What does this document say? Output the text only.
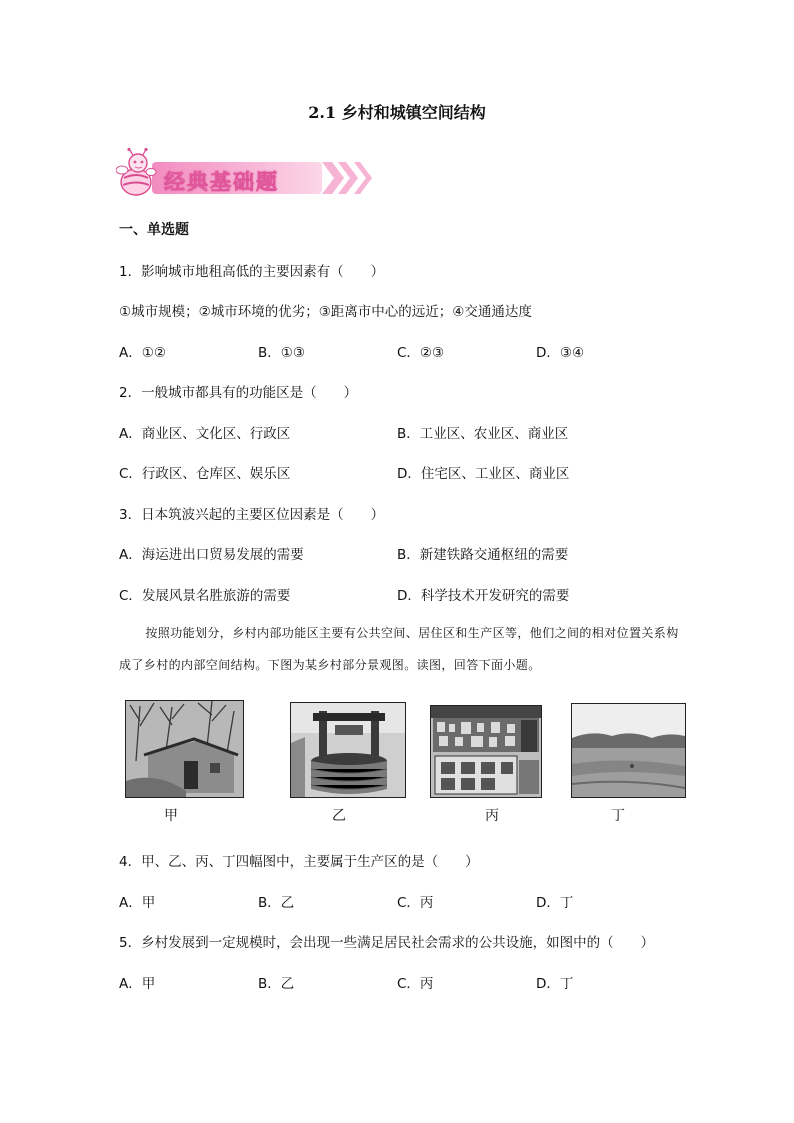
2.1 乡村和城镇空间结构
经典基础题
一、单选题
1．影响城市地租高低的主要因素有（　　）
①城市规模；②城市环境的优劣；③距离市中心的远近；④交通通达度
A．①②	B．①③	C．②③	D．③④
2．一般城市都具有的功能区是（　　）
A．商业区、文化区、行政区	B．工业区、农业区、商业区
C．行政区、仓库区、娱乐区	D．住宅区、工业区、商业区
3．日本筑波兴起的主要区位因素是（　　）
A．海运进出口贸易发展的需要	B．新建铁路交通枢纽的需要
C．发展风景名胜旅游的需要	D．科学技术开发研究的需要
按照功能划分，乡村内部功能区主要有公共空间、居住区和生产区等，他们之间的相对位置关系构成了乡村的内部空间结构。下图为某乡村部分景观图。读图，回答下面小题。
甲	乙	丙	丁
4．甲、乙、丙、丁四幅图中，主要属于生产区的是（　　）
A．甲	B．乙	C．丙	D．丁
5．乡村发展到一定规模时，会出现一些满足居民社会需求的公共设施，如图中的（　　）
A．甲	B．乙	C．丙	D．丁
